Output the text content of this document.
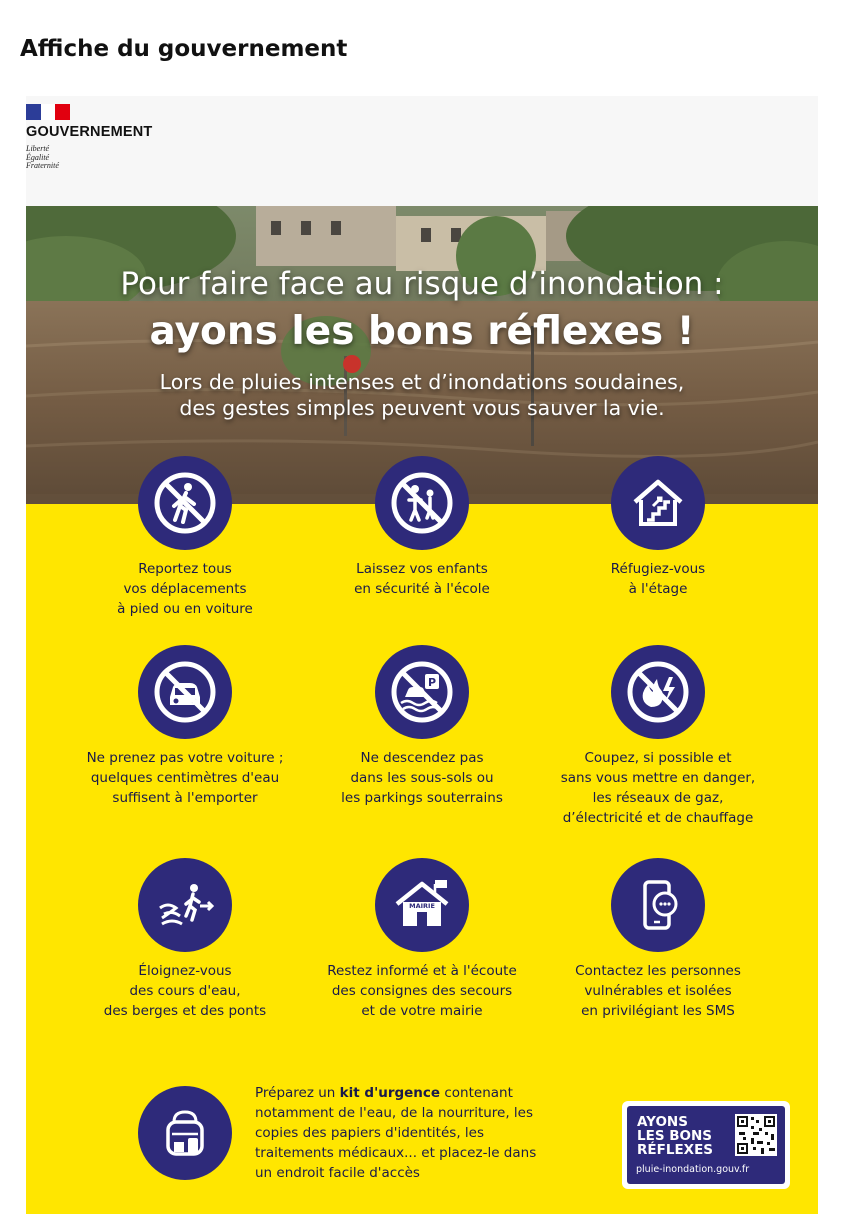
Affiche du gouvernement
GOUVERNEMENT
Liberté
Égalité
Fraternité
Pour faire face au risque d’inondation :
ayons les bons réflexes !
Lors de pluies intenses et d’inondations soudaines,
des gestes simples peuvent vous sauver la vie.
Reportez tous
vos déplacements
à pied ou en voiture
Laissez vos enfants
en sécurité à l'école
Réfugiez-vous
à l'étage
Ne prenez pas votre voiture ;
quelques centimètres d'eau
suffisent à l'emporter
P
Ne descendez pas
dans les sous-sols ou
les parkings souterrains
Coupez, si possible et
sans vous mettre en danger,
les réseaux de gaz,
d’électricité et de chauffage
Éloignez-vous
des cours d'eau,
des berges et des ponts
MAIRIE
Restez informé et à l'écoute
des consignes des secours
et de votre mairie
Contactez les personnes
vulnérables et isolées
en privilégiant les SMS
Préparez un kit d'urgence contenant notamment de l'eau, de la nourriture, les copies des papiers d'identités, les traitements médicaux... et placez-le dans un endroit facile d'accès
AYONS
LES BONS
RÉFLEXES
pluie-inondation.gouv.fr
